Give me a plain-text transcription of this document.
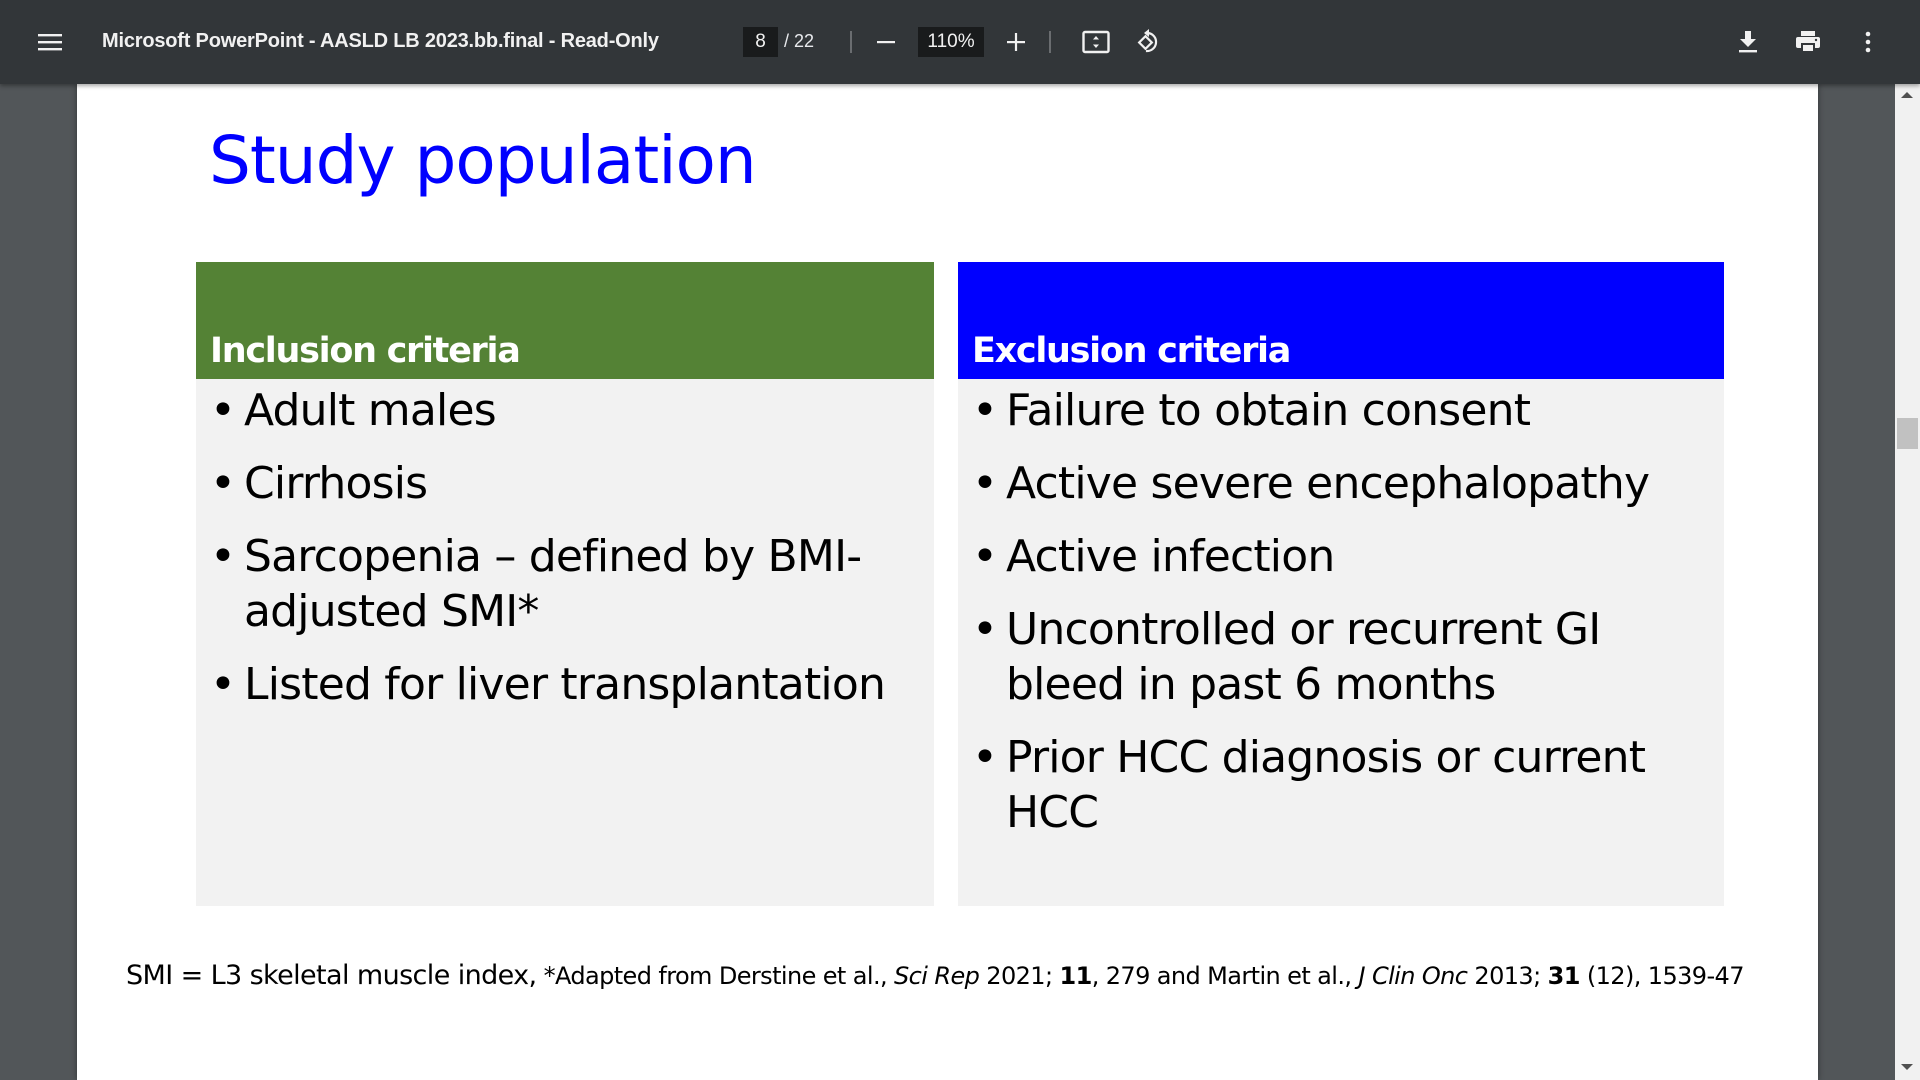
Microsoft PowerPoint - AASLD LB 2023.bb.final - Read-Only	8	/ 22	110%
Study population
Inclusion criteria
• Adult males
• Cirrhosis
• Sarcopenia – defined by BMI-adjusted SMI*
• Listed for liver transplantation
Exclusion criteria
• Failure to obtain consent
• Active severe encephalopathy
• Active infection
• Uncontrolled or recurrent GI bleed in past 6 months
• Prior HCC diagnosis or current HCC
SMI = L3 skeletal muscle index, *Adapted from Derstine et al., Sci Rep 2021; 11, 279 and Martin et al., J Clin Onc 2013; 31 (12), 1539-47
